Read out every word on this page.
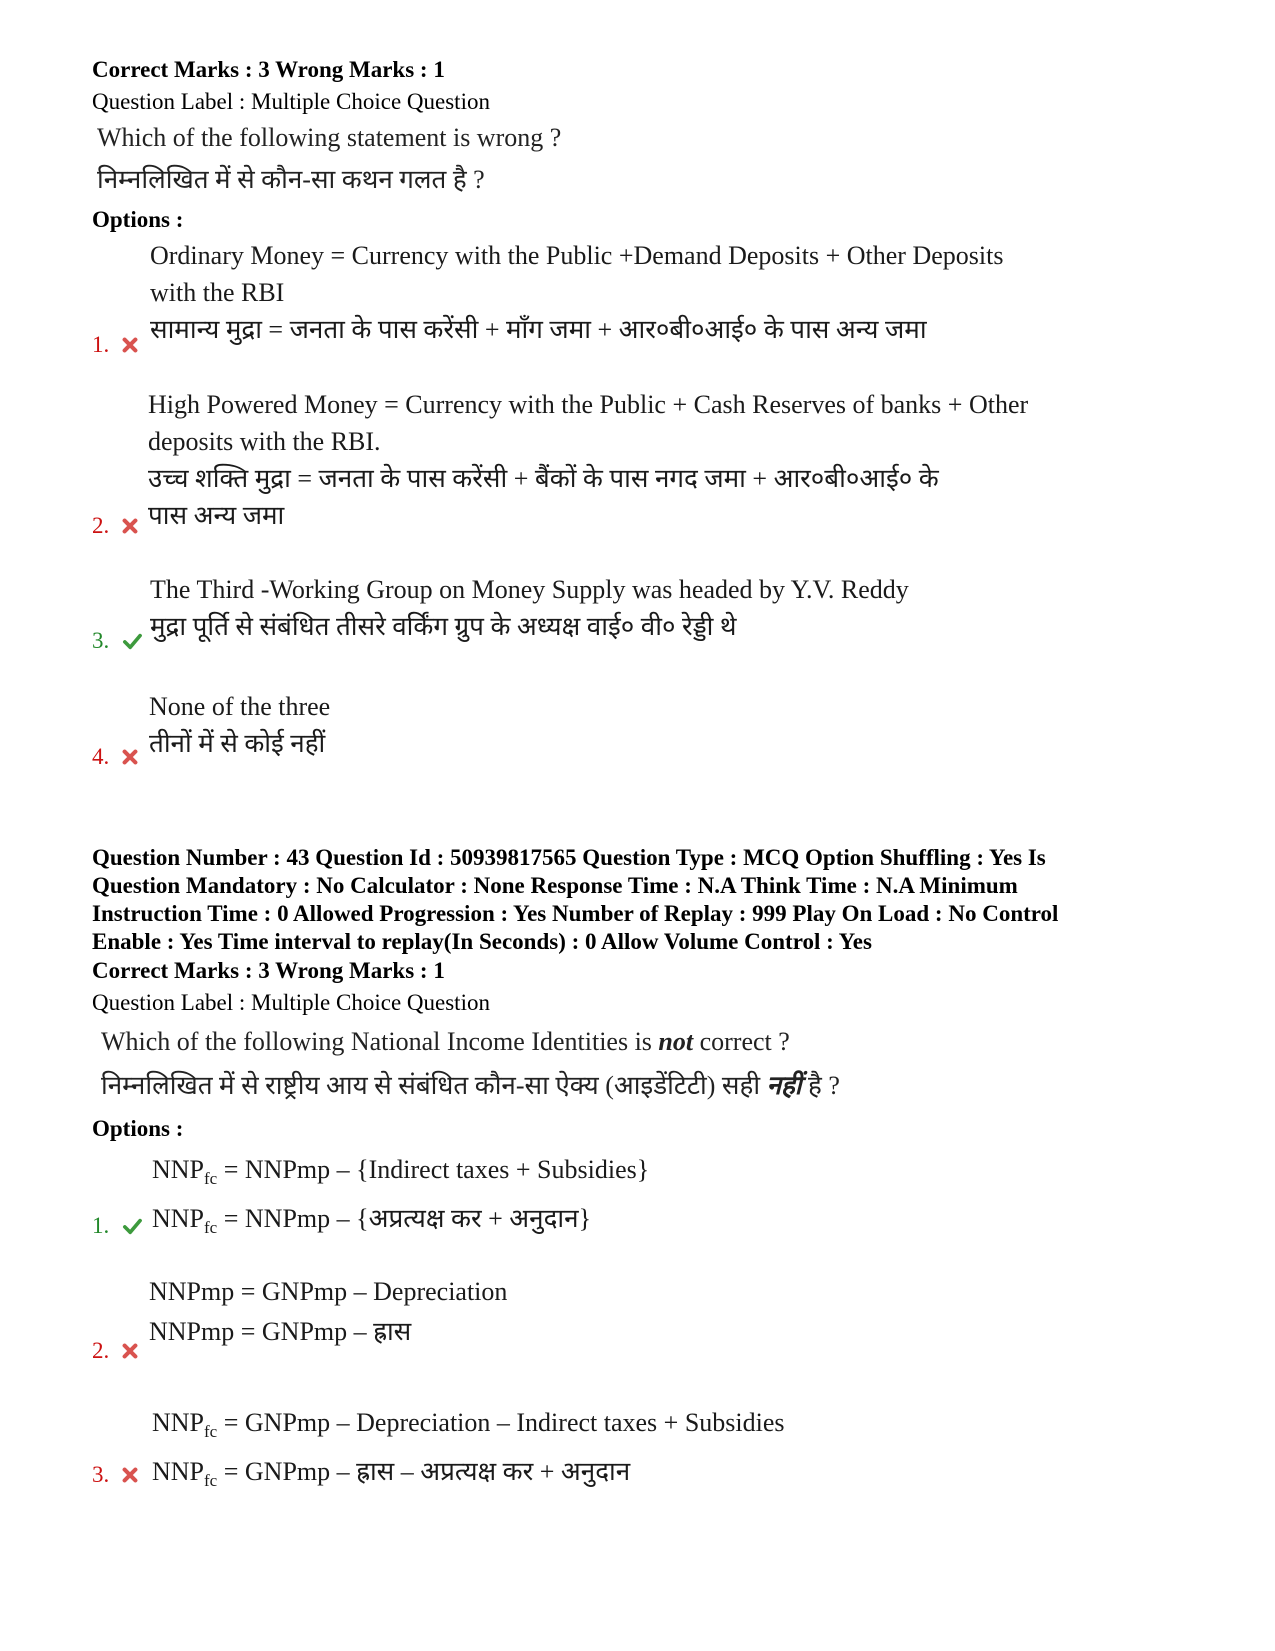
Correct Marks : 3 Wrong Marks : 1
Question Label : Multiple Choice Question
Which of the following statement is wrong ?
निम्नलिखित में से कौन-सा कथन गलत है ?
Options :
Ordinary Money = Currency with the Public +Demand Deposits + Other Deposits
with the RBI
सामान्य मुद्रा = जनता के पास करेंसी + माँग जमा + आर०बी०आई० के पास अन्य जमा
1.
High Powered Money = Currency with the Public + Cash Reserves of banks + Other
deposits with the RBI.
उच्च शक्ति मुद्रा = जनता के पास करेंसी + बैंकों के पास नगद जमा + आर०बी०आई० के
पास अन्य जमा
2.
The Third -Working Group on Money Supply was headed by Y.V. Reddy
मुद्रा पूर्ति से संबंधित तीसरे वर्किंग ग्रुप के अध्यक्ष वाई० वी० रेड्डी थे
3.
None of the three
तीनों में से कोई नहीं
4.
Question Number : 43 Question Id : 50939817565 Question Type : MCQ Option Shuffling : Yes Is
Question Mandatory : No Calculator : None Response Time : N.A Think Time : N.A Minimum
Instruction Time : 0 Allowed Progression : Yes Number of Replay : 999 Play On Load : No Control
Enable : Yes Time interval to replay(In Seconds) : 0 Allow Volume Control : Yes
Correct Marks : 3 Wrong Marks : 1
Question Label : Multiple Choice Question
Which of the following National Income Identities is not correct ?
निम्नलिखित में से राष्ट्रीय आय से संबंधित कौन-सा ऐक्य (आइडेंटिटी) सही नहीं है ?
Options :
$NNP_{fc}$ = NNPmp – {Indirect taxes + Subsidies}
$NNP_{fc}$ = NNPmp – {अप्रत्यक्ष कर + अनुदान}
1.
NNPmp = GNPmp – Depreciation
NNPmp = GNPmp – ह्रास
2.
$NNP_{fc}$ = GNPmp – Depreciation – Indirect taxes + Subsidies
$NNP_{fc}$ = GNPmp – ह्रास – अप्रत्यक्ष कर + अनुदान
3.
